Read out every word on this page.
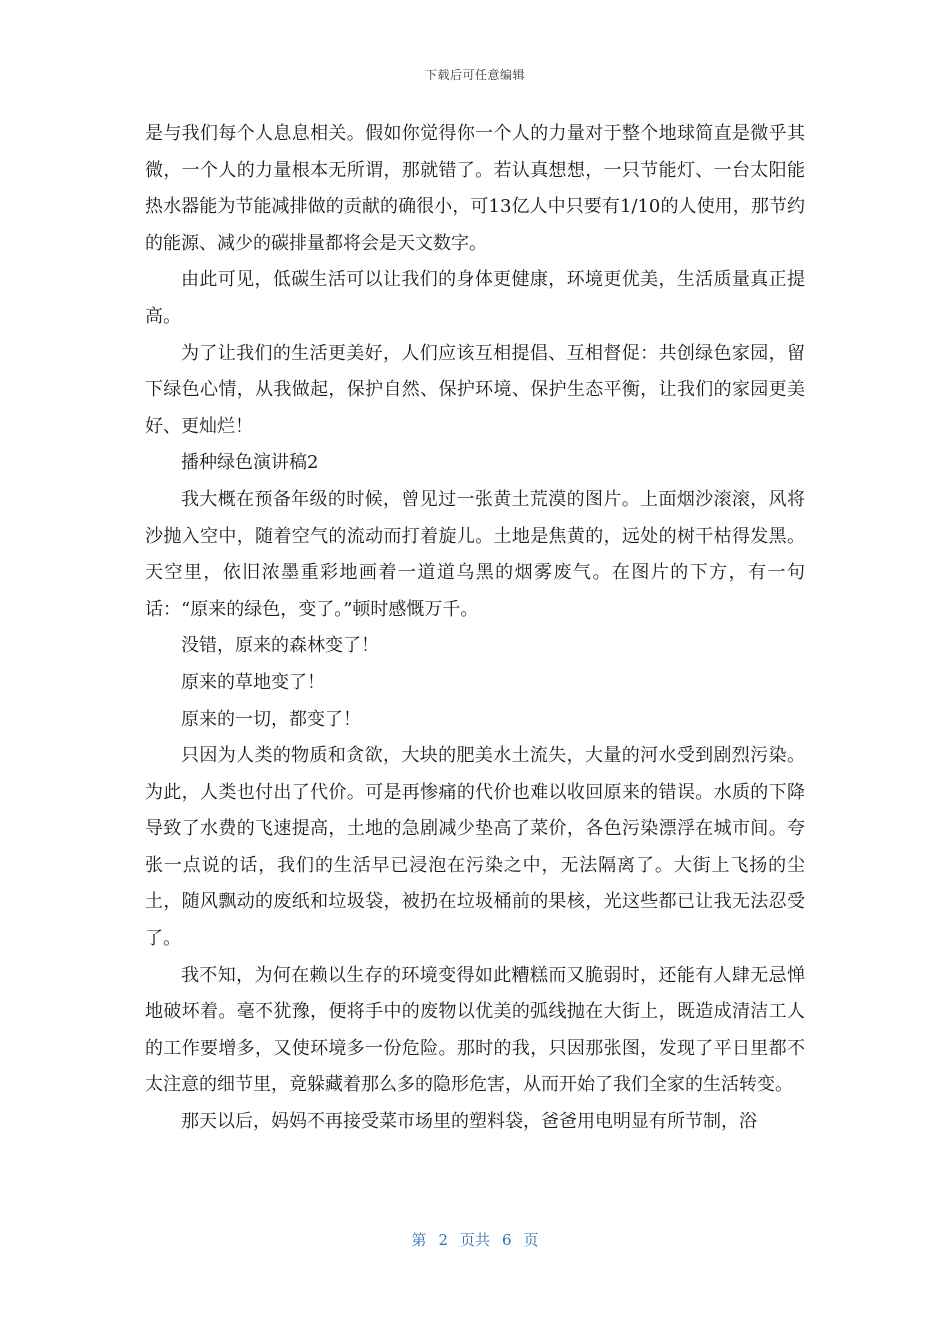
下载后可任意编辑

是与我们每个人息息相关。假如你觉得你一个人的力量对于整个地球简直是微乎其微，一个人的力量根本无所谓，那就错了。若认真想想，一只节能灯、一台太阳能热水器能为节能减排做的贡献的确很小，可13亿人中只要有1/10的人使用，那节约的能源、减少的碳排量都将会是天文数字。

由此可见，低碳生活可以让我们的身体更健康，环境更优美，生活质量真正提高。

为了让我们的生活更美好，人们应该互相提倡、互相督促：共创绿色家园，留下绿色心情，从我做起，保护自然、保护环境、保护生态平衡，让我们的家园更美好、更灿烂！

播种绿色演讲稿2

我大概在预备年级的时候，曾见过一张黄土荒漠的图片。上面烟沙滚滚，风将沙抛入空中，随着空气的流动而打着旋儿。土地是焦黄的，远处的树干枯得发黑。天空里，依旧浓墨重彩地画着一道道乌黑的烟雾废气。在图片的下方，有一句话：“原来的绿色，变了。”顿时感慨万千。

没错，原来的森林变了！

原来的草地变了！

原来的一切，都变了！

只因为人类的物质和贪欲，大块的肥美水土流失，大量的河水受到剧烈污染。为此，人类也付出了代价。可是再惨痛的代价也难以收回原来的错误。水质的下降导致了水费的飞速提高，土地的急剧减少垫高了菜价，各色污染漂浮在城市间。夸张一点说的话，我们的生活早已浸泡在污染之中，无法隔离了。大街上飞扬的尘土，随风飘动的废纸和垃圾袋，被扔在垃圾桶前的果核，光这些都已让我无法忍受了。

我不知，为何在赖以生存的环境变得如此糟糕而又脆弱时，还能有人肆无忌惮地破坏着。毫不犹豫，便将手中的废物以优美的弧线抛在大街上，既造成清洁工人的工作要增多，又使环境多一份危险。那时的我，只因那张图，发现了平日里都不太注意的细节里，竟躲藏着那么多的隐形危害，从而开始了我们全家的生活转变。

那天以后，妈妈不再接受菜市场里的塑料袋，爸爸用电明显有所节制，浴

第 2 页共 6 页
